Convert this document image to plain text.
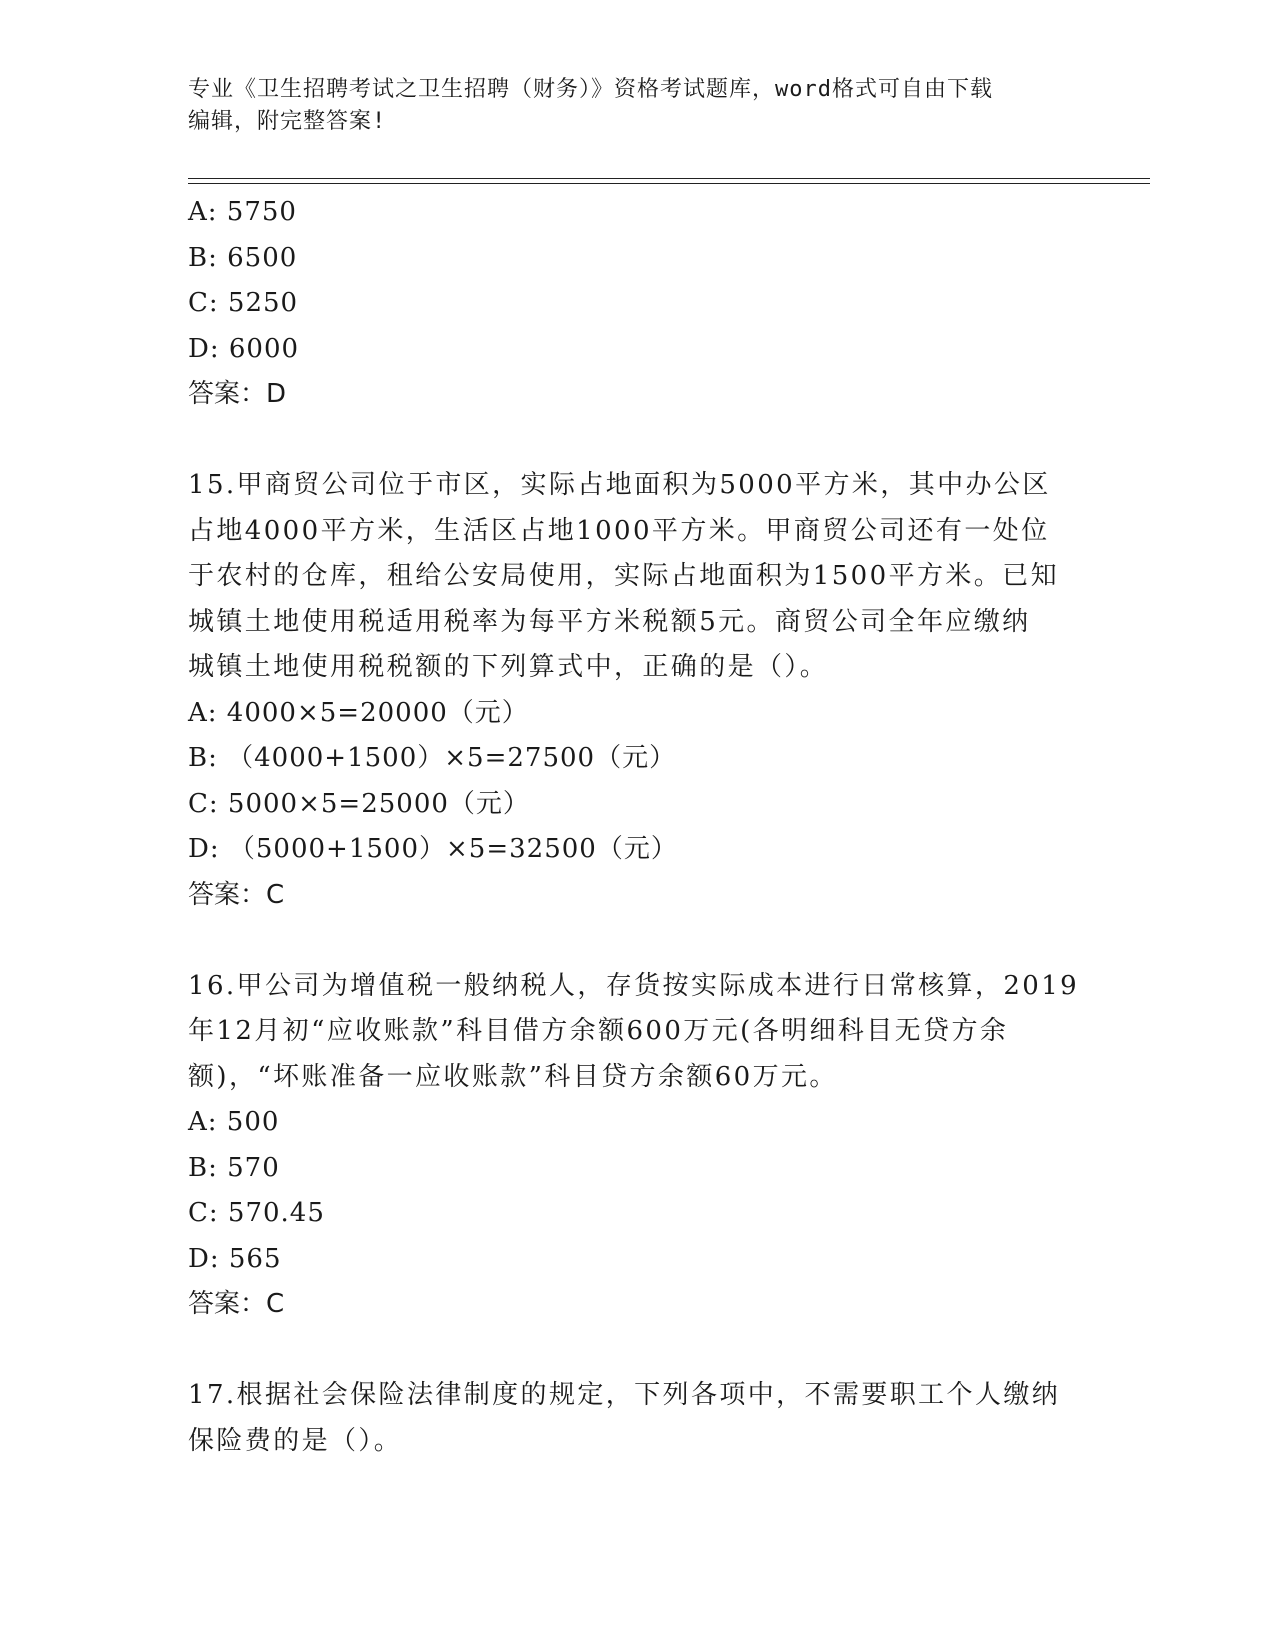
专业《卫生招聘考试之卫生招聘（财务）》资格考试题库，word格式可自由下载
编辑，附完整答案!
A: 5750
B: 6500
C: 5250
D: 6000
答案：D
15.甲商贸公司位于市区，实际占地面积为5000平方米，其中办公区
占地4000平方米，生活区占地1000平方米。甲商贸公司还有一处位
于农村的仓库，租给公安局使用，实际占地面积为1500平方米。已知
城镇土地使用税适用税率为每平方米税额5元。商贸公司全年应缴纳
城镇土地使用税税额的下列算式中，正确的是（）。
A: 4000×5=20000（元）
B: （4000+1500）×5=27500（元）
C: 5000×5=25000（元）
D: （5000+1500）×5=32500（元）
答案：C
16.甲公司为增值税一般纳税人，存货按实际成本进行日常核算，2019
年12月初“应收账款”科目借方余额600万元(各明细科目无贷方余
额)，“坏账准备一应收账款”科目贷方余额60万元。
A: 500
B: 570
C: 570.45
D: 565
答案：C
17.根据社会保险法律制度的规定，下列各项中，不需要职工个人缴纳
保险费的是（）。
